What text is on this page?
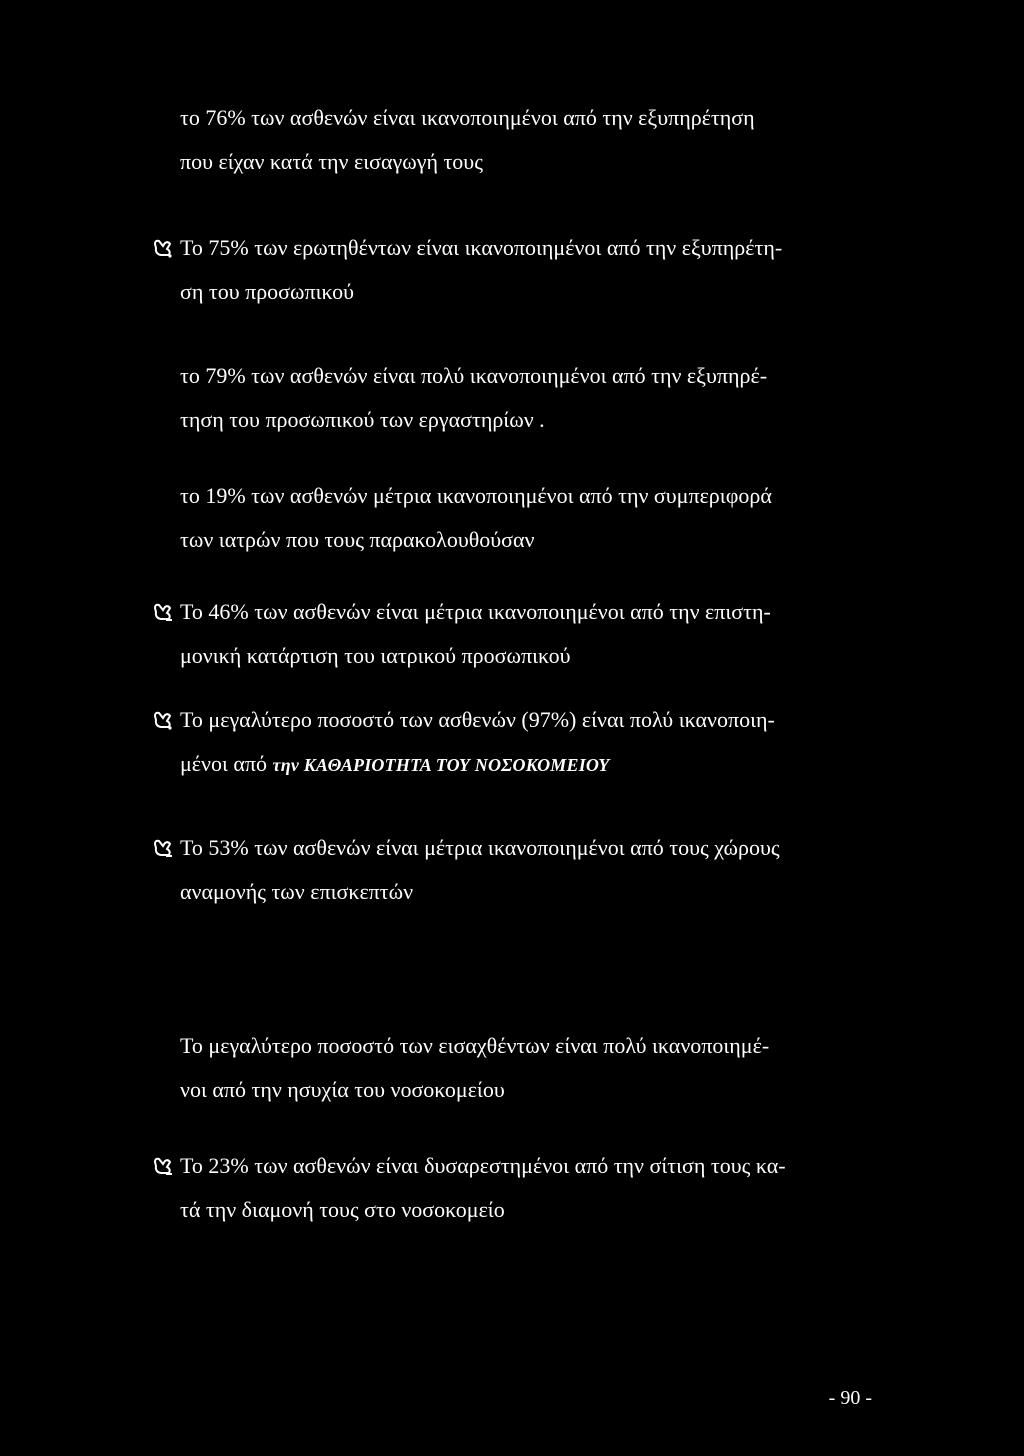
το 76% των ασθενών είναι ικανοποιημένοι από την εξυπηρέτηση
που είχαν κατά την εισαγωγή τους
Το 75% των ερωτηθέντων είναι ικανοποιημένοι από την εξυπηρέτη-
ση του προσωπικού
το 79% των ασθενών είναι πολύ ικανοποιημένοι από την εξυπηρέ-
τηση του προσωπικού των εργαστηρίων .
το 19% των ασθενών μέτρια ικανοποιημένοι από την συμπεριφορά
των ιατρών που τους παρακολουθούσαν
Το 46% των ασθενών είναι μέτρια ικανοποιημένοι από την επιστη-
μονική κατάρτιση του ιατρικού προσωπικού
Το μεγαλύτερο ποσοστό των ασθενών (97%) είναι πολύ ικανοποιη-
μένοι από την ΚΑΘΑΡΙΟΤΗΤΑ ΤΟΥ ΝΟΣΟΚΟΜΕΙΟΥ
Το 53% των ασθενών είναι μέτρια ικανοποιημένοι από τους χώρους
αναμονής των επισκεπτών
Το μεγαλύτερο ποσοστό των εισαχθέντων είναι πολύ ικανοποιημέ-
νοι από την ησυχία του νοσοκομείου
Το 23% των ασθενών είναι δυσαρεστημένοι από την σίτιση τους κα-
τά την διαμονή τους στο νοσοκομείο
- 90 -
